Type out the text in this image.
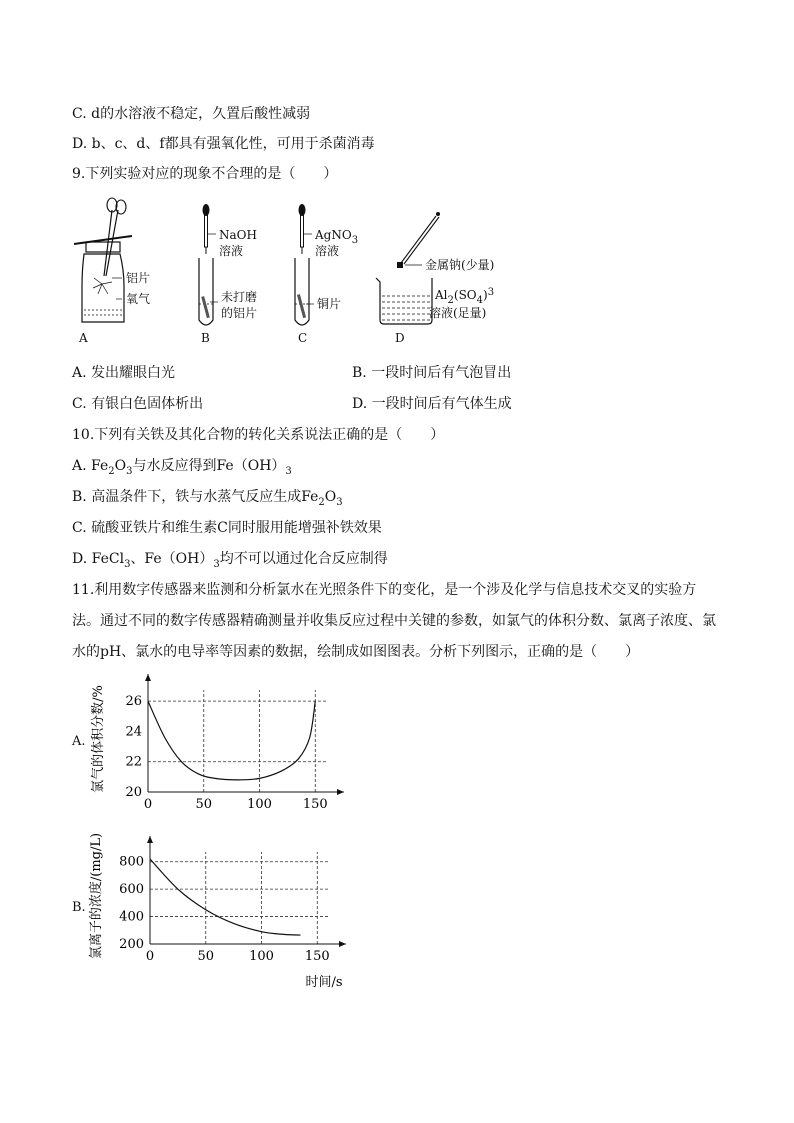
C. d的水溶液不稳定，久置后酸性减弱
D. b、c、d、f都具有强氧化性，可用于杀菌消毒
9.下列实验对应的现象不合理的是（　　）
铝片
氧气
A
NaOH
溶液
未打磨
的铝片
B
AgNO$_3$
溶液
铜片
C
金属钠(少量)
$Al_2(SO_4)^3$
溶液(足量)
D
A. 发出耀眼白光	B. 一段时间后有气泡冒出
C. 有银白色固体析出	D. 一段时间后有气体生成
10.下列有关铁及其化合物的转化关系说法正确的是（　　）
A. $Fe_2O_3$与水反应得到$Fe(OH)_3$
B. 高温条件下，铁与水蒸气反应生成$Fe_2O_3$
C. 硫酸亚铁片和维生素C同时服用能增强补铁效果
D. FeCl$_3$、$Fe(OH)_3$均不可以通过化合反应制得
11.利用数字传感器来监测和分析氯水在光照条件下的变化，是一个涉及化学与信息技术交叉的实验方
法。通过不同的数字传感器精确测量并收集反应过程中关键的参数，如氯气的体积分数、氯离子浓度、氯
水的pH、氯水的电导率等因素的数据，绘制成如图图表。分析下列图示，正确的是（　　）
A.
0	50	100 150
20
22
24
26
氯气的体积分数/%
B.
0	50	100 150
200
400
600
800
氯离子的浓度/(mg/L)
时间/s
